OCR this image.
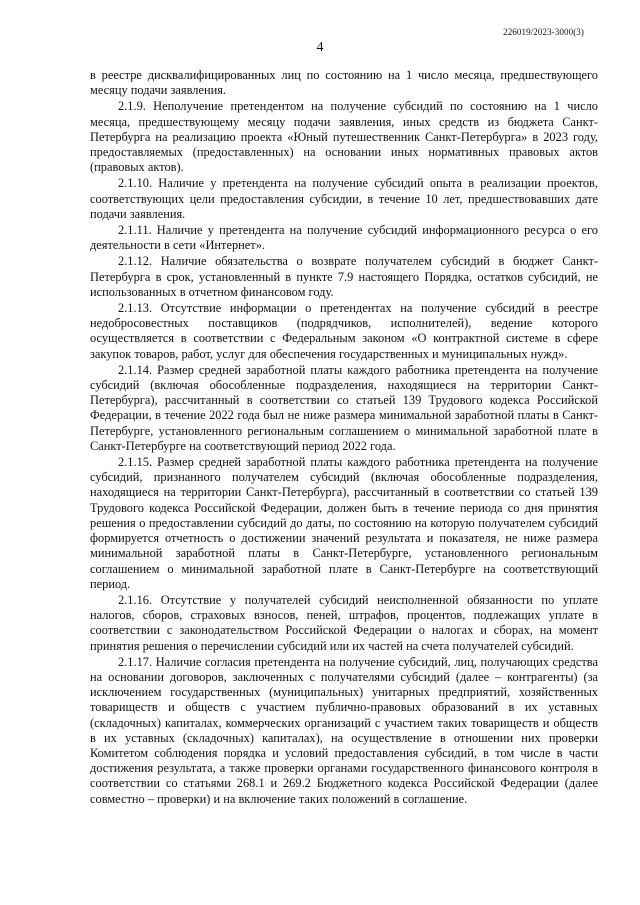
226019/2023-3000(3)
4

в реестре дисквалифицированных лиц по состоянию на 1 число месяца, предшествующего месяцу подачи заявления.

2.1.9. Неполучение претендентом на получение субсидий по состоянию на 1 число месяца, предшествующему месяцу подачи заявления, иных средств из бюджета Санкт-Петербурга на реализацию проекта «Юный путешественник Санкт-Петербурга» в 2023 году, предоставляемых (предоставленных) на основании иных нормативных правовых актов (правовых актов).

2.1.10. Наличие у претендента на получение субсидий опыта в реализации проектов, соответствующих цели предоставления субсидии, в течение 10 лет, предшествовавших дате подачи заявления.

2.1.11. Наличие у претендента на получение субсидий информационного ресурса о его деятельности в сети «Интернет».

2.1.12. Наличие обязательства о возврате получателем субсидий в бюджет Санкт-Петербурга в срок, установленный в пункте 7.9 настоящего Порядка, остатков субсидий, не использованных в отчетном финансовом году.

2.1.13. Отсутствие информации о претендентах на получение субсидий в реестре недобросовестных поставщиков (подрядчиков, исполнителей), ведение которого осуществляется в соответствии с Федеральным законом «О контрактной системе в сфере закупок товаров, работ, услуг для обеспечения государственных и муниципальных нужд».

2.1.14. Размер средней заработной платы каждого работника претендента на получение субсидий (включая обособленные подразделения, находящиеся на территории Санкт-Петербурга), рассчитанный в соответствии со статьей 139 Трудового кодекса Российской Федерации, в течение 2022 года был не ниже размера минимальной заработной платы в Санкт-Петербурге, установленного региональным соглашением о минимальной заработной плате в Санкт-Петербурге на соответствующий период 2022 года.

2.1.15. Размер средней заработной платы каждого работника претендента на получение субсидий, признанного получателем субсидий (включая обособленные подразделения, находящиеся на территории Санкт-Петербурга), рассчитанный в соответствии со статьей 139 Трудового кодекса Российской Федерации, должен быть в течение периода со дня принятия решения о предоставлении субсидий до даты, по состоянию на которую получателем субсидий формируется отчетность о достижении значений результата и показателя, не ниже размера минимальной заработной платы в Санкт-Петербурге, установленного региональным соглашением о минимальной заработной плате в Санкт-Петербурге на соответствующий период.

2.1.16. Отсутствие у получателей субсидий неисполненной обязанности по уплате налогов, сборов, страховых взносов, пеней, штрафов, процентов, подлежащих уплате в соответствии с законодательством Российской Федерации о налогах и сборах, на момент принятия решения о перечислении субсидий или их частей на счета получателей субсидий.

2.1.17. Наличие согласия претендента на получение субсидий, лиц, получающих средства на основании договоров, заключенных с получателями субсидий (далее – контрагенты) (за исключением государственных (муниципальных) унитарных предприятий, хозяйственных товариществ и обществ с участием публично-правовых образований в их уставных (складочных) капиталах, коммерческих организаций с участием таких товариществ и обществ в их уставных (складочных) капиталах), на осуществление в отношении них проверки Комитетом соблюдения порядка и условий предоставления субсидий, в том числе в части достижения результата, а также проверки органами государственного финансового контроля в соответствии со статьями 268.1 и 269.2 Бюджетного кодекса Российской Федерации (далее совместно – проверки) и на включение таких положений в соглашение.
